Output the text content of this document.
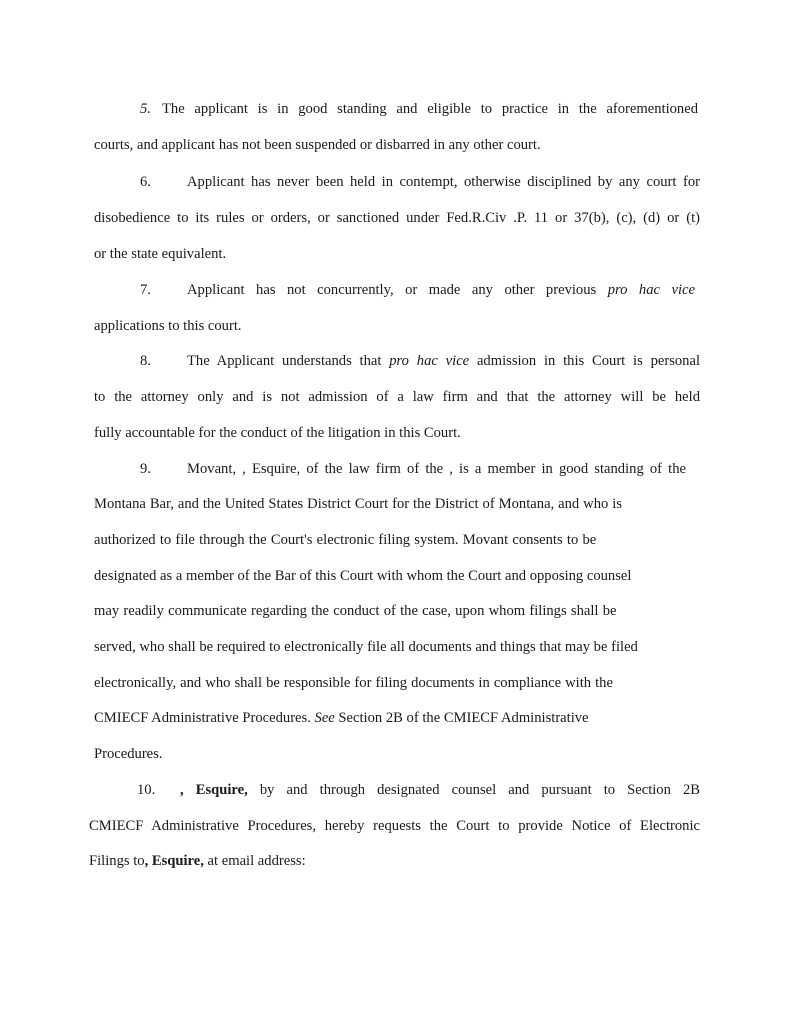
5. The applicant is in good standing and eligible to practice in the aforementioned
courts, and applicant has not been suspended or disbarred in any other court.
6. Applicant has never been held in contempt, otherwise disciplined by any court for
disobedience to its rules or orders, or sanctioned under Fed.R.Civ .P. 11 or 37(b), (c), (d) or (t)
or the state equivalent.
7. Applicant has not concurrently, or made any other previous pro hac vice
applications to this court.
8. The Applicant understands that pro hac vice admission in this Court is personal
to the attorney only and is not admission of a law firm and that the attorney will be held
fully accountable for the conduct of the litigation in this Court.
9. Movant, , Esquire, of the law firm of the , is a member in good standing of the
Montana Bar, and the United States District Court for the District of Montana, and who is
authorized to file through the Court's electronic filing system. Movant consents to be
designated as a member of the Bar of this Court with whom the Court and opposing counsel
may readily communicate regarding the conduct of the case, upon whom filings shall be
served, who shall be required to electronically file all documents and things that may be filed
electronically, and who shall be responsible for filing documents in compliance with the
CMIECF Administrative Procedures. See Section 2B of the CMIECF Administrative
Procedures.
10. , Esquire, by and through designated counsel and pursuant to Section 2B
CMIECF Administrative Procedures, hereby requests the Court to provide Notice of Electronic
Filings to, Esquire, at email address:
